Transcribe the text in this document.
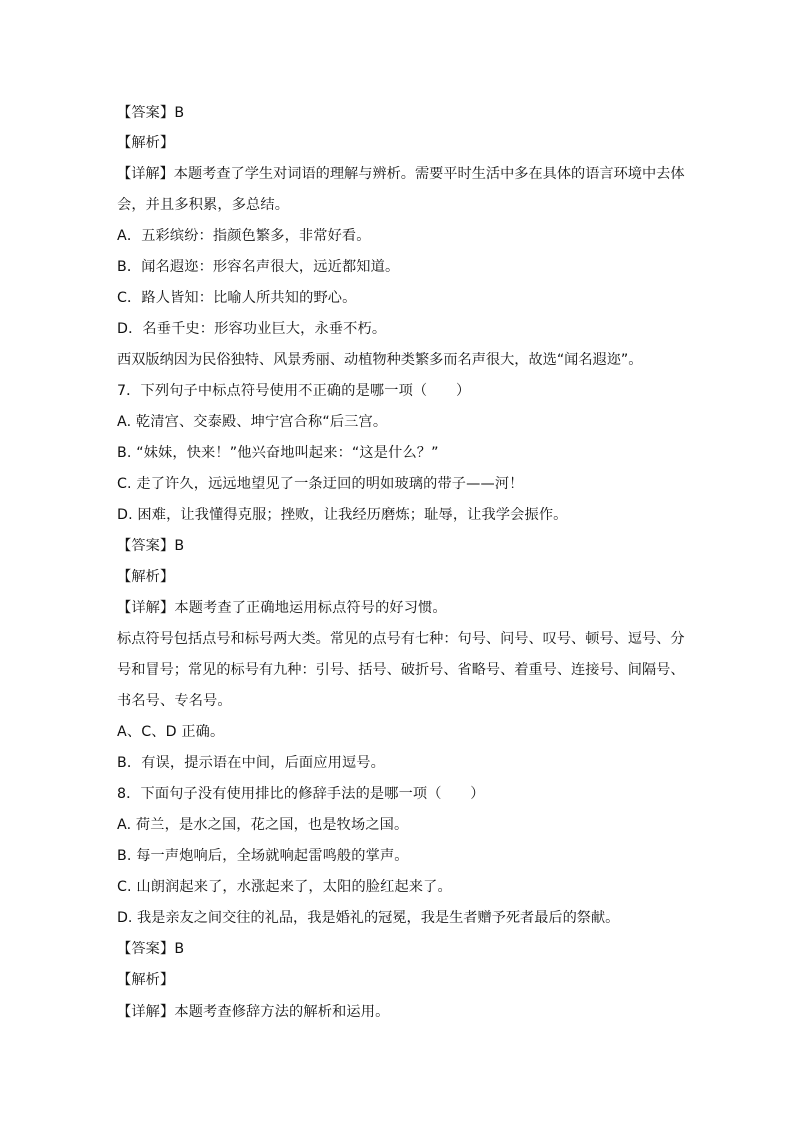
【答案】B
【解析】
【详解】本题考查了学生对词语的理解与辨析。需要平时生活中多在具体的语言环境中去体
会，并且多积累，多总结。
A．五彩缤纷：指颜色繁多，非常好看。
B．闻名遐迩：形容名声很大，远近都知道。
C．路人皆知：比喻人所共知的野心。
D．名垂千史：形容功业巨大，永垂不朽。
西双版纳因为民俗独特、风景秀丽、动植物种类繁多而名声很大，故选“闻名遐迩”。
7．下列句子中标点符号使用不正确的是哪一项（　　）
A. 乾清宫、交泰殿、坤宁宫合称“后三宫。
B. “妹妹，快来！”他兴奋地叫起来：“这是什么？”
C. 走了许久，远远地望见了一条迂回的明如玻璃的带子——河！
D. 困难，让我懂得克服；挫败，让我经历磨炼；耻辱，让我学会振作。
【答案】B
【解析】
【详解】本题考查了正确地运用标点符号的好习惯。
标点符号包括点号和标号两大类。常见的点号有七种：句号、问号、叹号、顿号、逗号、分
号和冒号；常见的标号有九种：引号、括号、破折号、省略号、着重号、连接号、间隔号、
书名号、专名号。
A、C、D 正确。
B．有误，提示语在中间，后面应用逗号。
8．下面句子没有使用排比的修辞手法的是哪一项（　　）
A. 荷兰，是水之国，花之国，也是牧场之国。
B. 每一声炮响后，全场就响起雷鸣般的掌声。
C. 山朗润起来了，水涨起来了，太阳的脸红起来了。
D. 我是亲友之间交往的礼品，我是婚礼的冠冕，我是生者赠予死者最后的祭献。
【答案】B
【解析】
【详解】本题考查修辞方法的解析和运用。
